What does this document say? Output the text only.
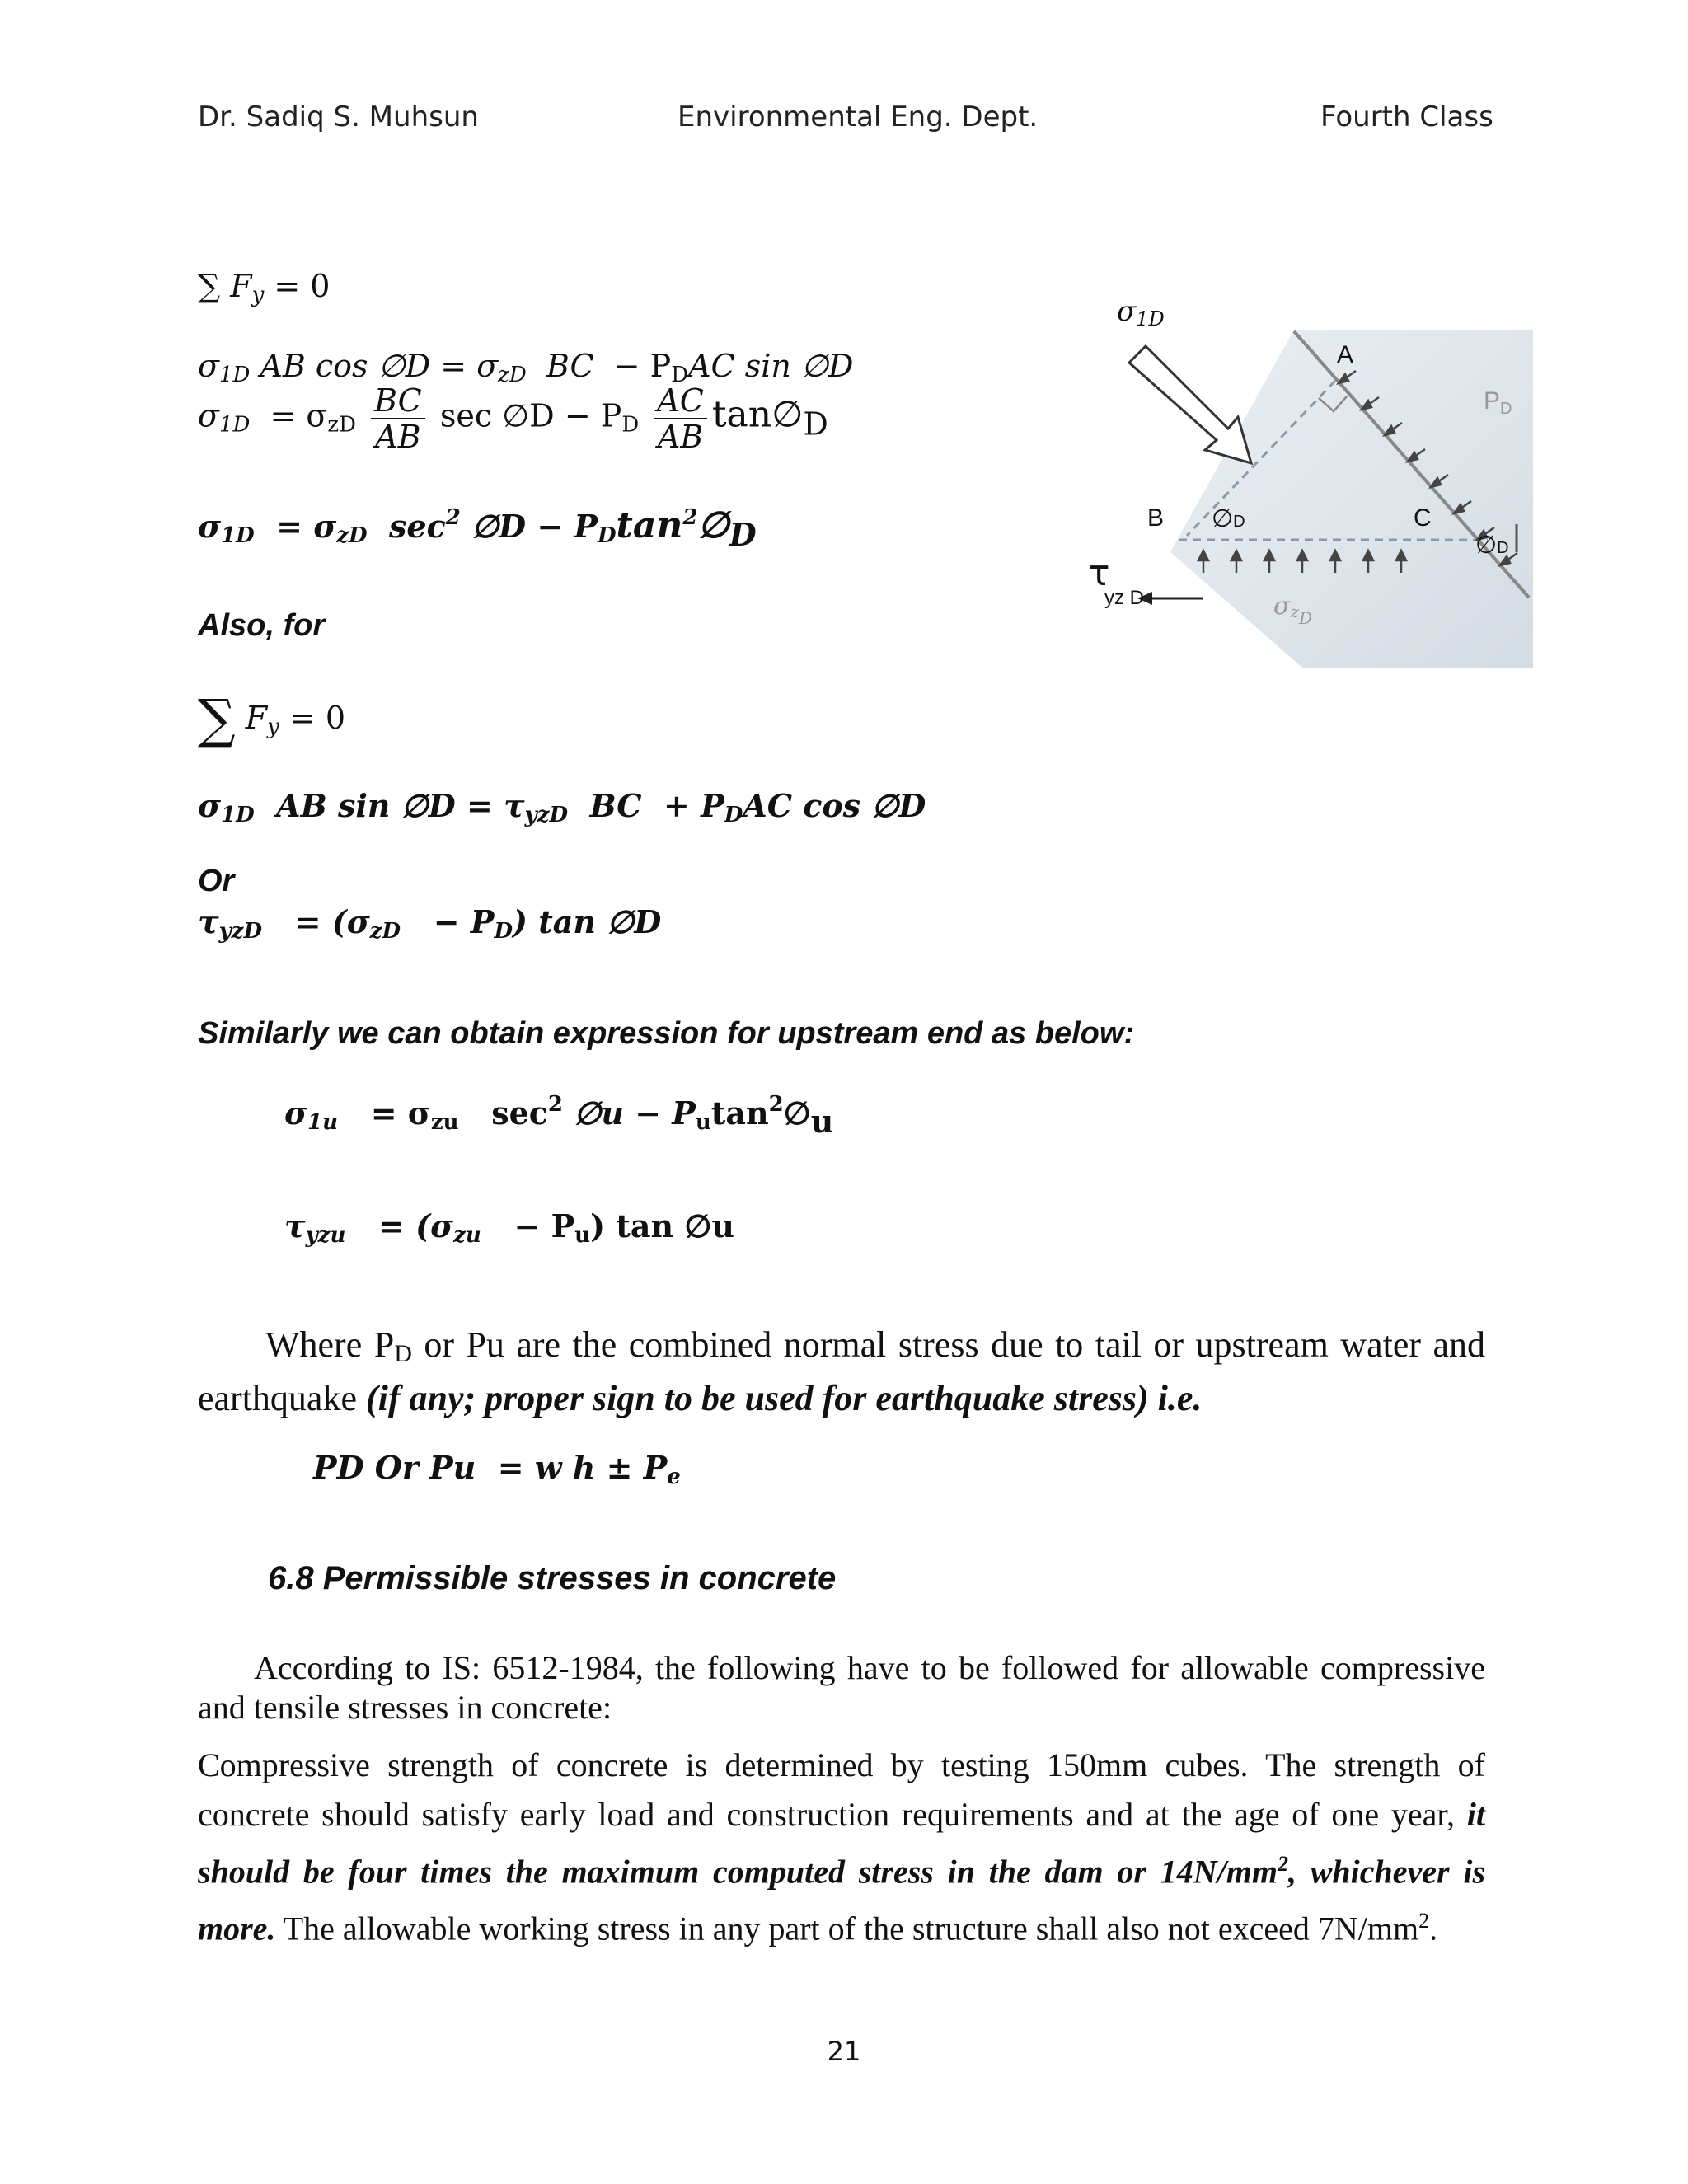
Dr. Sadiq S. Muhsun	Environmental Eng. Dept.	Fourth Class
∑ Fy = 0
σ1D AB cos ∅D = σzD BC − PDAC sin ∅D
σ1D = σzD $\frac{BC}{AB}$ sec ∅D − PD $\frac{AC}{AB}$ tan∅D
σ1D = σzD $\sec^2$ ∅D − PDtan$^2$∅D
Also, for
∑ Fy = 0
σ1D AB sin ∅D = τyzD BC + PDAC cos ∅D
Or
τyzD = (σzD − PD) tan ∅D
Similarly we can obtain expression for upstream end as below:
σ1u = σzu $\sec^2$ ∅u − Putan$^2$∅u
τyzu = (σzu − Pu) tan ∅u
Where PD or Pu are the combined normal stress due to tail or upstream water and earthquake (if any; proper sign to be used for earthquake stress) i.e.
PD Or Pu = w h ± Pe
6.8 Permissible stresses in concrete
According to IS: 6512-1984, the following have to be followed for allowable compressive and tensile stresses in concrete:
Compressive strength of concrete is determined by testing 150mm cubes. The strength of concrete should satisfy early load and construction requirements and at the age of one year, it should be four times the maximum computed stress in the dam or $14N/mm^2$, whichever is more. The allowable working stress in any part of the structure shall also not exceed $7N/mm^2$.
σ1D
A
B	C
$P_D$
∅D
∅D
τ
yz D	$\sigma z_D$
21
